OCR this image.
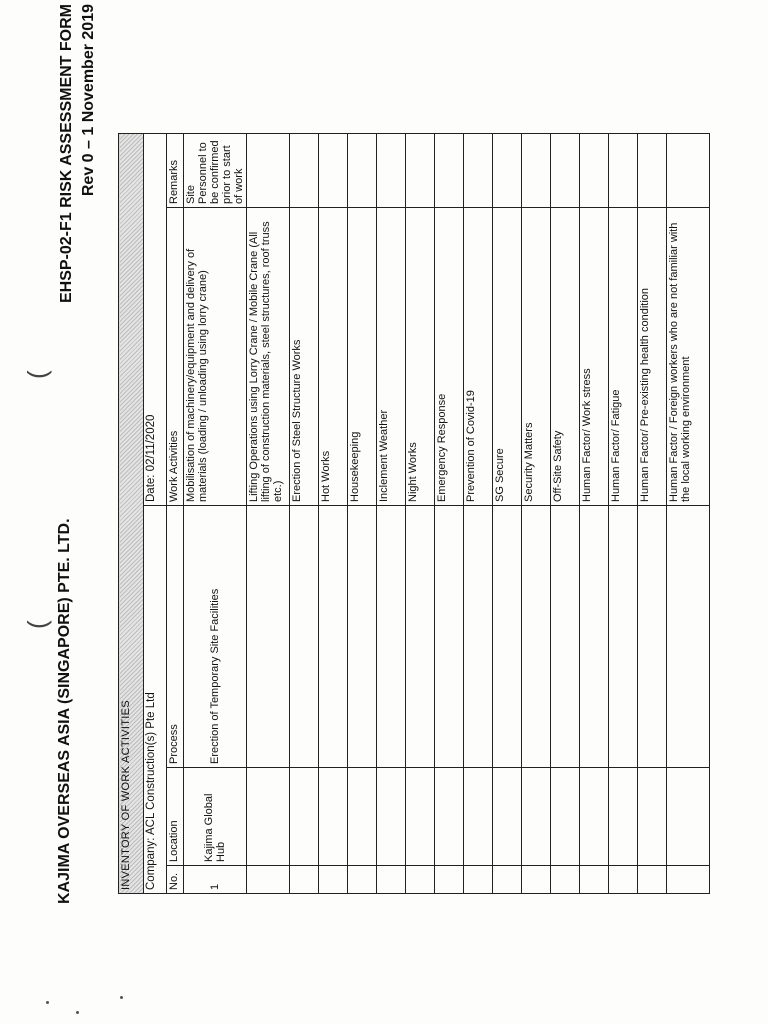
KAJIMA OVERSEAS ASIA (SINGAPORE) PTE. LTD.
EHSP-02-F1 RISK ASSESSMENT FORM Rev 0 – 1 November 2019
(
(
INVENTORY OF WORK ACTIVITIES				
Company: ACL Construction(s) Pte Ltd			Date: 02/11/2020	
No.	Location	Process	Work Activities	Remarks
1	Kajima Global Hub	Erection of Temporary Site Facilities	Mobilisation of machinery/equipment and delivery of materials (loading / unloading using lorry crane)	Site Personnel to be confirmed prior to start of work
			Lifting Operations using Lorry Crane / Mobile Crane (All lifting of construction materials, steel structures, roof truss etc.)	
			Erection of Steel Structure Works	
			Hot Works	
			Housekeeping	
			Inclement Weather	
			Night Works	
			Emergency Response	
			Prevention of Covid-19	
			SG Secure	
			Security Matters	
			Off-Site Safety	
			Human Factor/ Work stress	
			Human Factor/ Fatigue	
			Human Factor/ Pre-existing health condition	
			Human Factor / Foreign workers who are not familiar with the local working environment	
